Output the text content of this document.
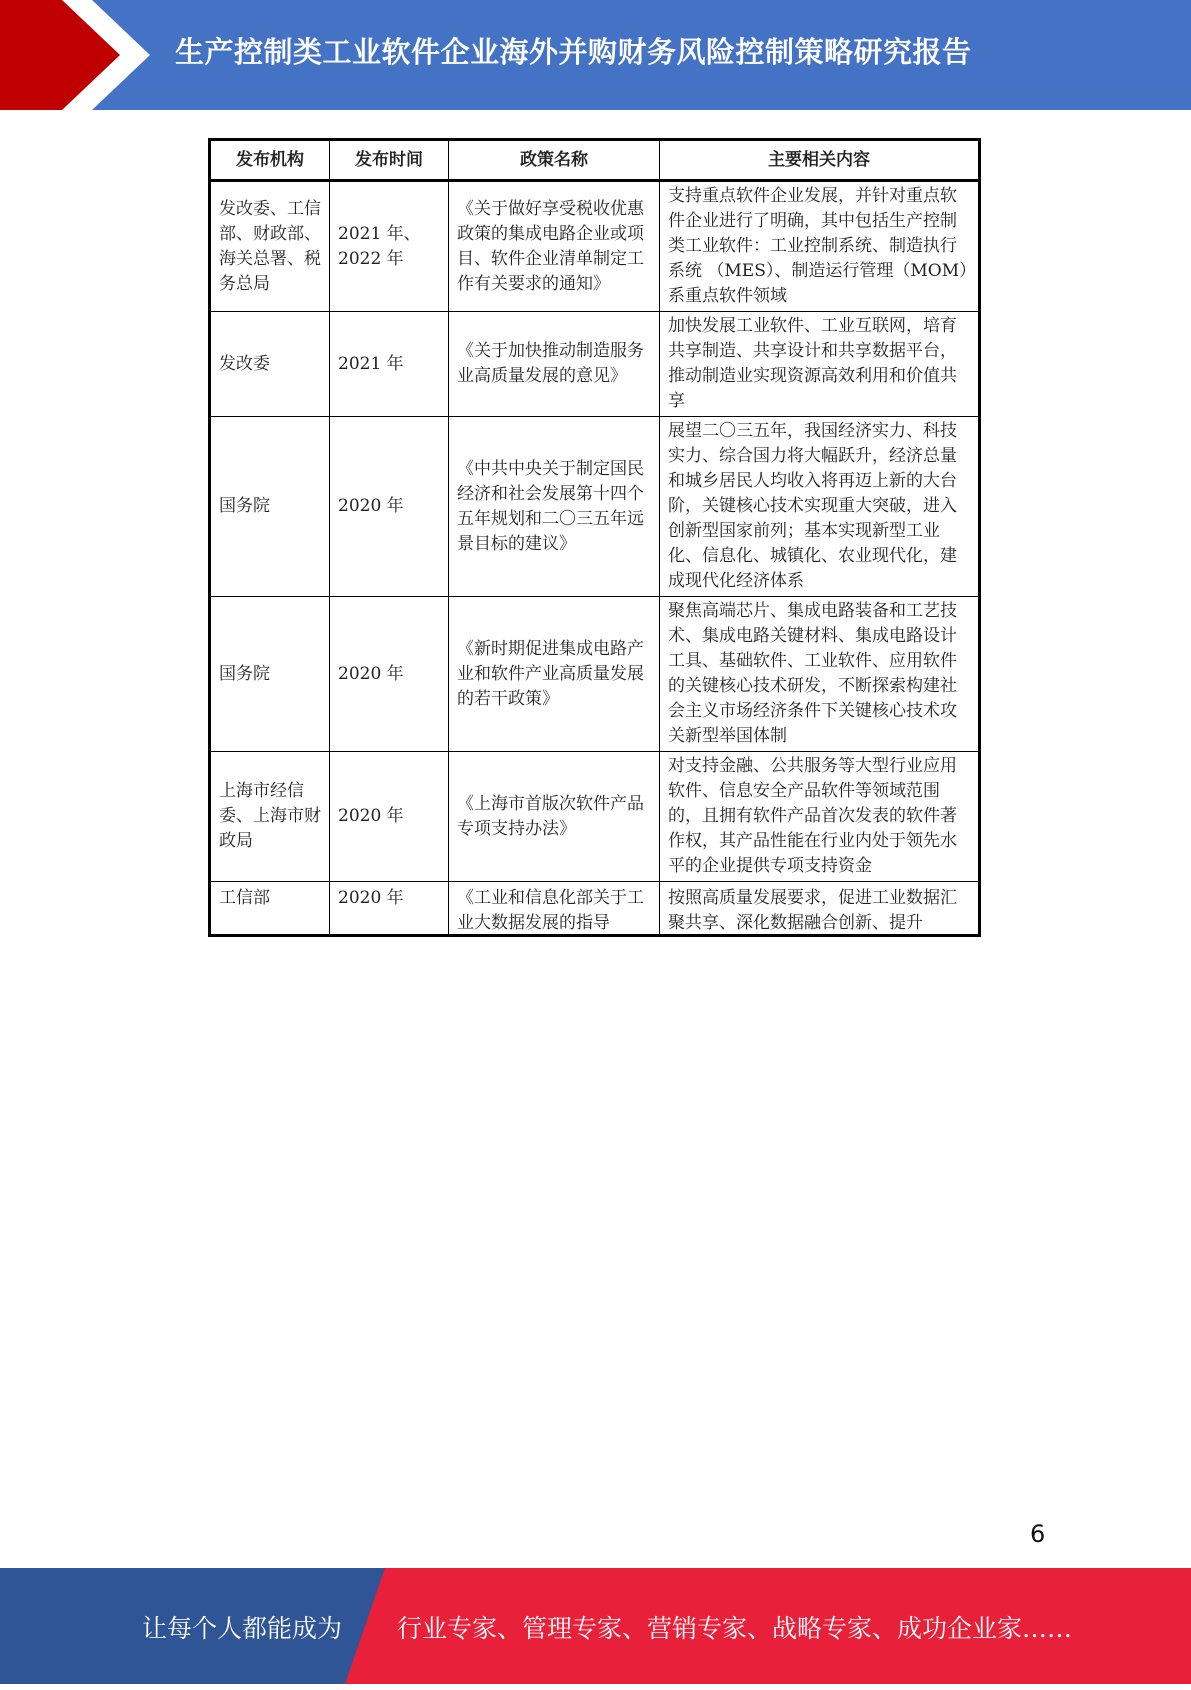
生产控制类工业软件企业海外并购财务风险控制策略研究报告
发布机构	发布时间	政策名称	主要相关内容
发改委、工信部、财政部、海关总署、税务总局	2021 年、2022 年	《关于做好享受税收优惠政策的集成电路企业或项目、软件企业清单制定工作有关要求的通知》	支持重点软件企业发展，并针对重点软件企业进行了明确，其中包括生产控制类工业软件：工业控制系统、制造执行系统 （MES）、制造运行管理（MOM）系重点软件领域
发改委	2021 年	《关于加快推动制造服务业高质量发展的意见》	加快发展工业软件、工业互联网，培育共享制造、共享设计和共享数据平台，推动制造业实现资源高效利用和价值共享
国务院	2020 年	《中共中央关于制定国民经济和社会发展第十四个五年规划和二〇三五年远景目标的建议》	展望二〇三五年，我国经济实力、科技实力、综合国力将大幅跃升，经济总量和城乡居民人均收入将再迈上新的大台阶，关键核心技术实现重大突破，进入创新型国家前列；基本实现新型工业化、信息化、城镇化、农业现代化，建成现代化经济体系
国务院	2020 年	《新时期促进集成电路产业和软件产业高质量发展的若干政策》	聚焦高端芯片、集成电路装备和工艺技术、集成电路关键材料、集成电路设计工具、基础软件、工业软件、应用软件的关键核心技术研发，不断探索构建社会主义市场经济条件下关键核心技术攻关新型举国体制
上海市经信委、上海市财政局	2020 年	《上海市首版次软件产品专项支持办法》	对支持金融、公共服务等大型行业应用软件、信息安全产品软件等领域范围的，且拥有软件产品首次发表的软件著作权，其产品性能在行业内处于领先水平的企业提供专项支持资金

工信部	2020 年	《工业和信息化部关于工业大数据发展的指导	按照高质量发展要求，促进工业数据汇聚共享、深化数据融合创新、提升
6
让每个人都能成为 行业专家、管理专家、营销专家、战略专家、成功企业家……
